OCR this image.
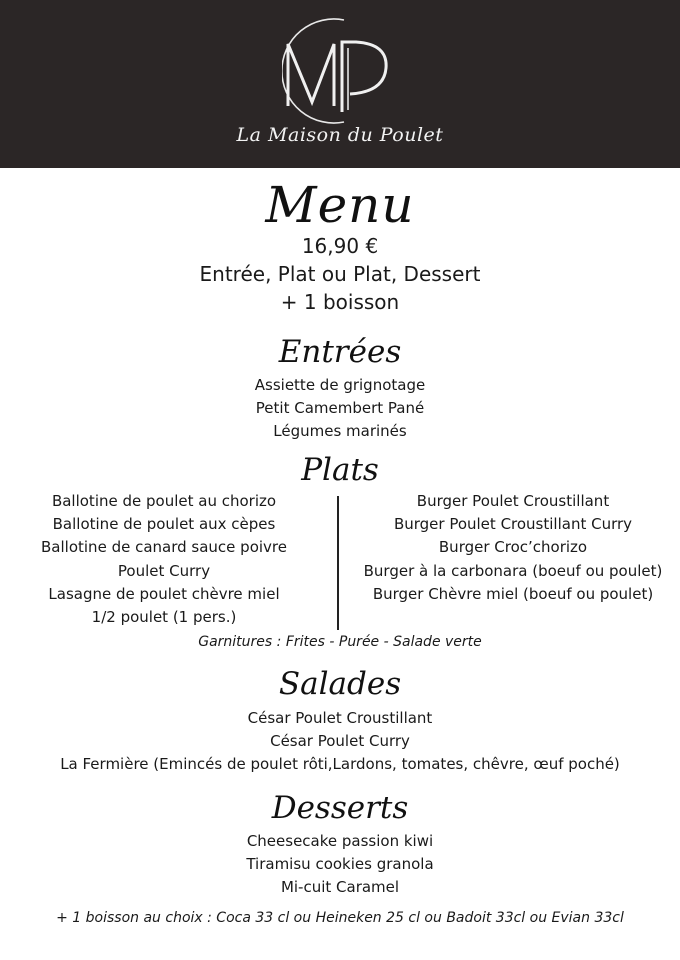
La Maison du Poulet
Menu
16,90 €
Entrée, Plat ou Plat, Dessert
+ 1 boisson
Entrées
Assiette de grignotage
Petit Camembert Pané
Légumes marinés
Plats
Ballotine de poulet au chorizo
Ballotine de poulet aux cèpes
Ballotine de canard sauce poivre
Poulet Curry
Lasagne de poulet chèvre miel
1/2 poulet (1 pers.)
Burger Poulet Croustillant
Burger Poulet Croustillant Curry
Burger Croc’chorizo
Burger à la carbonara (boeuf ou poulet)
Burger Chèvre miel (boeuf ou poulet)
Garnitures : Frites - Purée - Salade verte
Salades
César Poulet Croustillant
César Poulet Curry
La Fermière (Emincés de poulet rôti,Lardons, tomates, chêvre, œuf poché)
Desserts
Cheesecake passion kiwi
Tiramisu cookies granola
Mi-cuit Caramel
+ 1 boisson au choix : Coca 33 cl ou Heineken 25 cl ou Badoit 33cl ou Evian 33cl
